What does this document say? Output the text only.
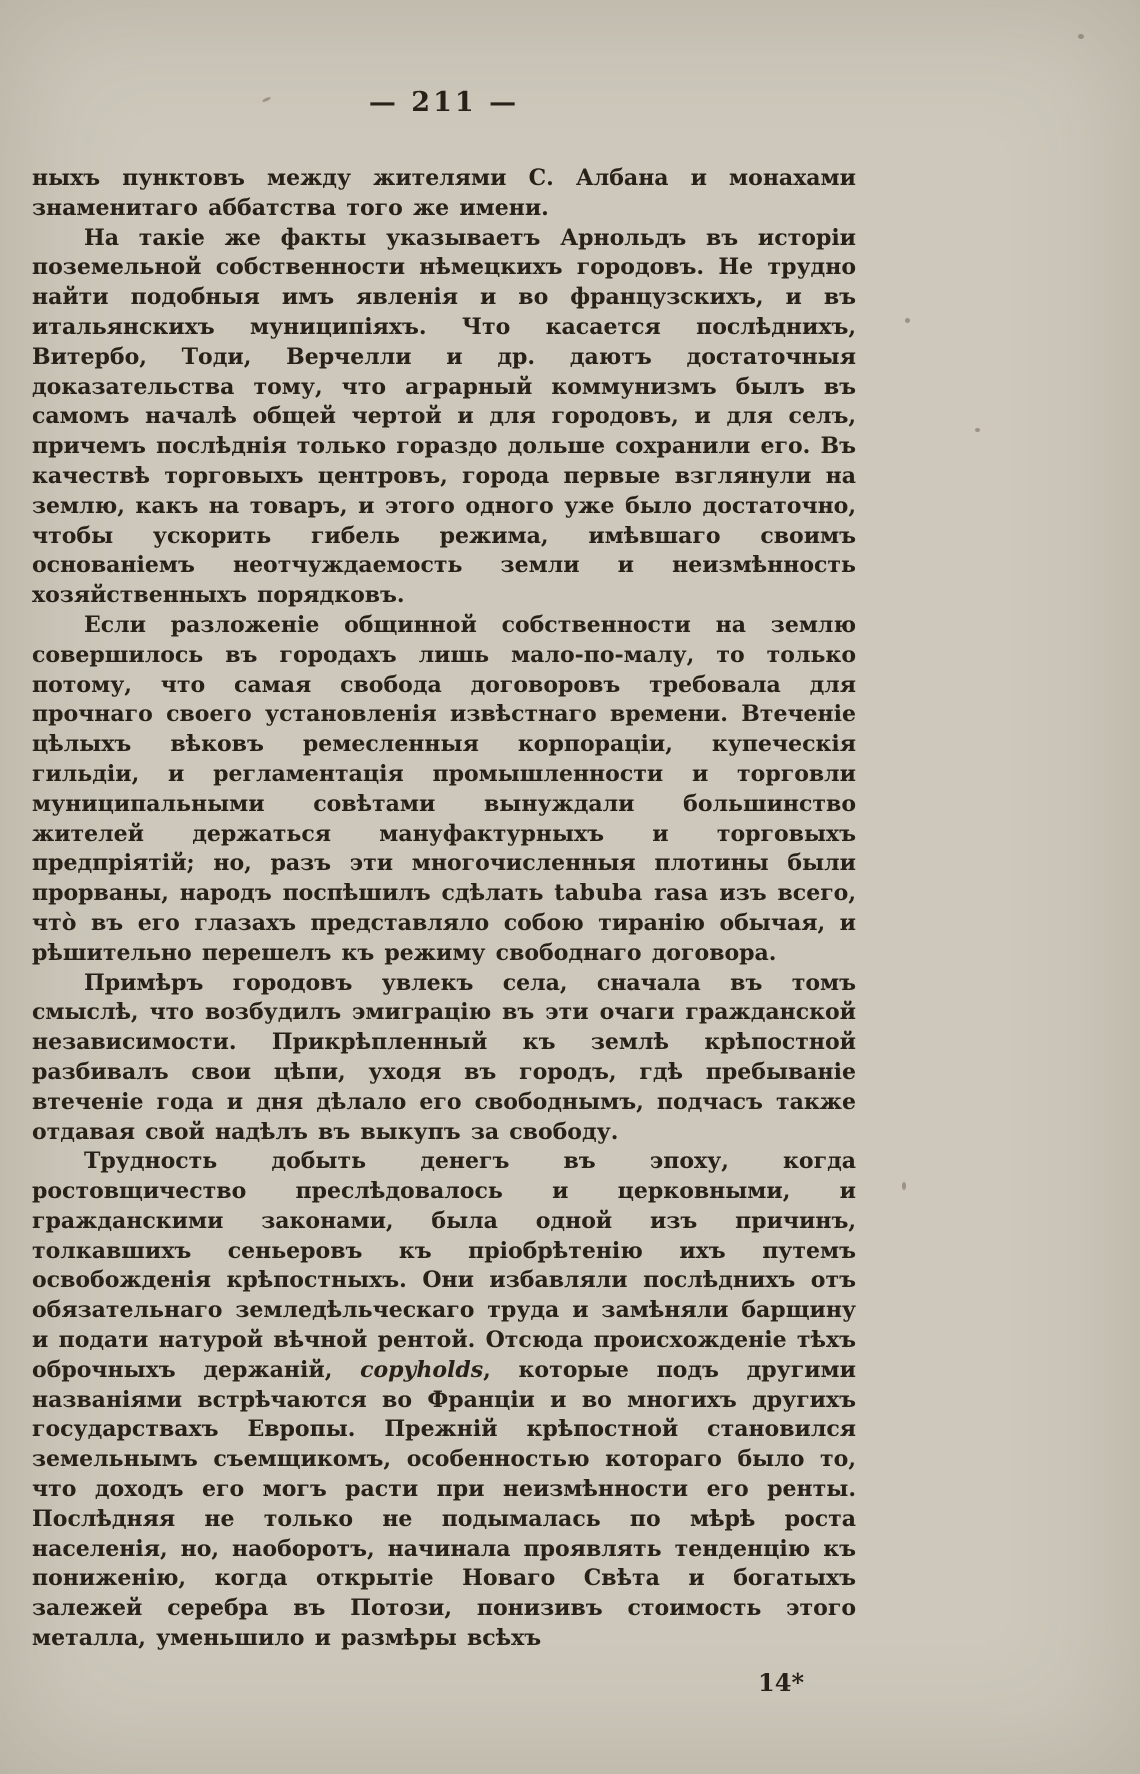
— 211 —

ныхъ пунктовъ между жителями С. Албана и монахами знаменитаго аббатства того же имени.

На такіе же факты указываетъ Арнольдъ въ исторіи поземельной собственности нѣмецкихъ городовъ. Не трудно найти подобныя имъ явленія и во французскихъ, и въ итальянскихъ муниципіяхъ. Что касается послѣднихъ, Витербо, Тоди, Верчелли и др. даютъ достаточныя доказательства тому, что аграрный коммунизмъ былъ въ самомъ началѣ общей чертой и для городовъ, и для селъ, причемъ послѣднія только гораздо дольше сохранили его. Въ качествѣ торговыхъ центровъ, города первые взглянули на землю, какъ на товаръ, и этого одного уже было достаточно, чтобы ускорить гибель режима, имѣвшаго своимъ основаніемъ неотчуждаемость земли и неизмѣнность хозяйственныхъ порядковъ.

Если разложеніе общинной собственности на землю совершилось въ городахъ лишь мало-по-малу, то только потому, что самая свобода договоровъ требовала для прочнаго своего установленія извѣстнаго времени. Втеченіе цѣлыхъ вѣковъ ремесленныя корпораціи, купеческія гильдіи, и регламентація промышленности и торговли муниципальными совѣтами вынуждали большинство жителей держаться мануфактурныхъ и торговыхъ предпріятій; но, разъ эти многочисленныя плотины были прорваны, народъ поспѣшилъ сдѣлать tabuba rasa изъ всего, что̀ въ его глазахъ представляло собою тиранію обычая, и рѣшительно перешелъ къ режиму свободнаго договора.

Примѣръ городовъ увлекъ села, сначала въ томъ смыслѣ, что возбудилъ эмиграцію въ эти очаги гражданской независимости. Прикрѣпленный къ землѣ крѣпостной разбивалъ свои цѣпи, уходя въ городъ, гдѣ пребываніе втеченіе года и дня дѣлало его свободнымъ, подчасъ также отдавая свой надѣлъ въ выкупъ за свободу.

Трудность добыть денегъ въ эпоху, когда ростовщичество преслѣдовалось и церковными, и гражданскими законами, была одной изъ причинъ, толкавшихъ сеньеровъ къ пріобрѣтенію ихъ путемъ освобожденія крѣпостныхъ. Они избавляли послѣднихъ отъ обязательнаго земледѣльческаго труда и замѣняли барщину и подати натурой вѣчной рентой. Отсюда происхожденіе тѣхъ оброчныхъ держаній, copyholds, которые подъ другими названіями встрѣчаются во Франціи и во многихъ другихъ государствахъ Европы. Прежній крѣпостной становился земельнымъ съемщикомъ, особенностью котораго было то, что доходъ его могъ расти при неизмѣнности его ренты. Послѣдняя не только не подымалась по мѣрѣ роста населенія, но, наоборотъ, начинала проявлять тенденцію къ пониженію, когда открытіе Новаго Свѣта и богатыхъ залежей серебра въ Потози, понизивъ стоимость этого металла, уменьшило и размѣры всѣхъ

14*
